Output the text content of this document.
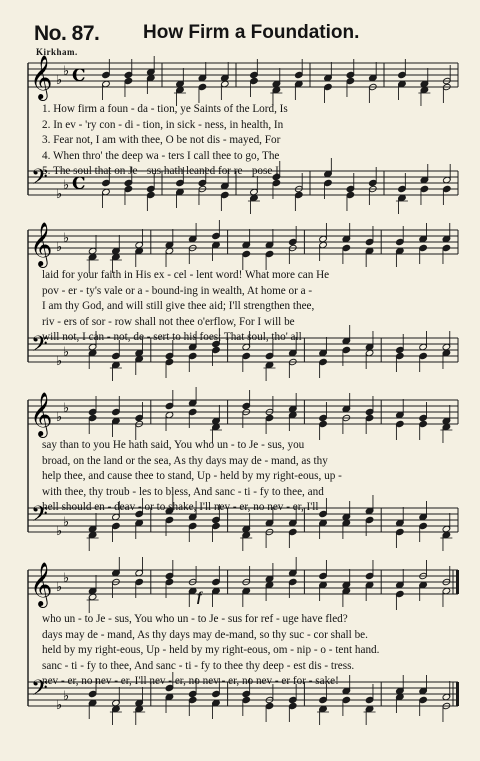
No. 87. How Firm a Foundation.
Kirkham.
f
𝄞
𝄢
♭
♭
♭
♭
C
C
1. How firm a foun - da - tion, ye Saints of the Lord, Is
2. In ev - 'ry con - di - tion, in sick - ness, in health, In
3. Fear not, I am with thee, O be not dis - mayed, For
4. When thro' the deep wa - ters I call thee to go, The
5. The soul that on Je - sus hath leaned for re - pose I
𝄞
𝄢
♭
♭
♭
♭
laid for your faith in His ex - cel - lent word! What more can He
pov - er - ty's vale or a - bound-ing in wealth, At home or a -
I am thy God, and will still give thee aid; I'll strengthen thee,
riv - ers of sor - row shall not thee o'erflow, For I will be
will not, I can - not, de - sert to his foes; That soul, tho' all
𝄞
𝄢
♭
♭
♭
♭
say than to you He hath said, You who un - to Je - sus, you
broad, on the land or the sea, As thy days may de - mand, as thy
help thee, and cause thee to stand, Up - held by my right-eous, up -
with thee, thy troub - les to bless, And sanc - ti - fy to thee, and
hell should en - deav - or to shake, I'll nev - er, no nev - er, I'll
𝄞
𝄢
♭
♭
♭
♭
who un - to Je - sus, You who un - to Je - sus for ref - uge have fled?
days may de - mand, As thy days may de-mand, so thy suc - cor shall be.
held by my right-eous, Up - held by my right-eous, om - nip - o - tent hand.
sanc - ti - fy to thee, And sanc - ti - fy to thee thy deep - est dis - tress.
nev - er, no nev - er, I'll nev - er, no nev - er, no nev - er for - sake!
